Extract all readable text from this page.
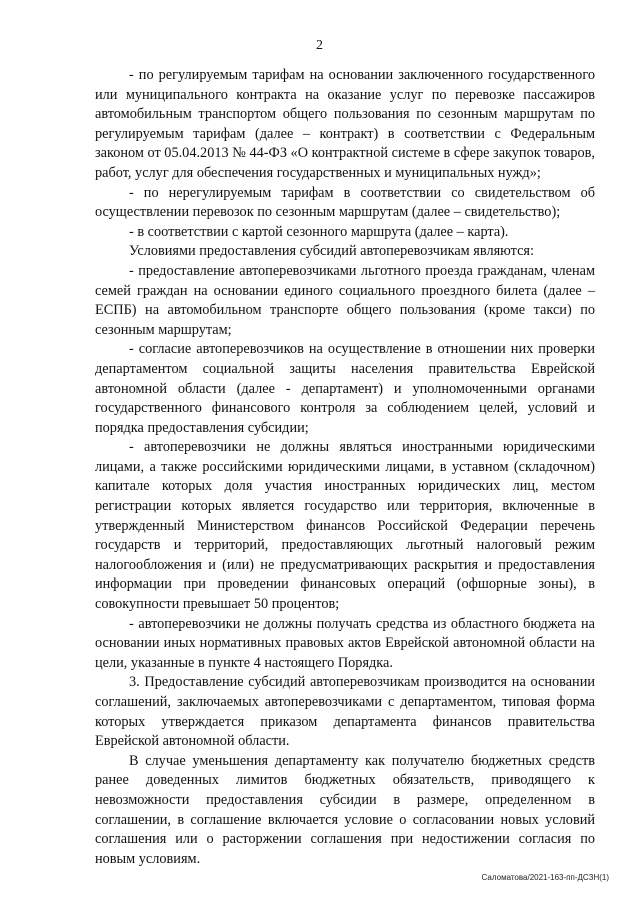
2

- по регулируемым тарифам на основании заключенного государственного или муниципального контракта на оказание услуг по перевозке пассажиров автомобильным транспортом общего пользования по сезонным маршрутам по регулируемым тарифам (далее – контракт) в соответствии с Федеральным законом от 05.04.2013 № 44-ФЗ «О контрактной системе в сфере закупок товаров, работ, услуг для обеспечения государственных и муниципальных нужд»;

- по нерегулируемым тарифам в соответствии со свидетельством об осуществлении перевозок по сезонным маршрутам (далее – свидетельство);

- в соответствии с картой сезонного маршрута (далее – карта).

Условиями предоставления субсидий автоперевозчикам являются:

- предоставление автоперевозчиками льготного проезда гражданам, членам семей граждан на основании единого социального проездного билета (далее – ЕСПБ) на автомобильном транспорте общего пользования (кроме такси) по сезонным маршрутам;

- согласие автоперевозчиков на осуществление в отношении них проверки департаментом социальной защиты населения правительства Еврейской автономной области (далее - департамент) и уполномоченными органами государственного финансового контроля за соблюдением целей, условий и порядка предоставления субсидии;

- автоперевозчики не должны являться иностранными юридическими лицами, а также российскими юридическими лицами, в уставном (складочном) капитале которых доля участия иностранных юридических лиц, местом регистрации которых является государство или территория, включенные в утвержденный Министерством финансов Российской Федерации перечень государств и территорий, предоставляющих льготный налоговый режим налогообложения и (или) не предусматривающих раскрытия и предоставления информации при проведении финансовых операций (офшорные зоны), в совокупности превышает 50 процентов;

- автоперевозчики не должны получать средства из областного бюджета на основании иных нормативных правовых актов Еврейской автономной области на цели, указанные в пункте 4 настоящего Порядка.

3. Предоставление субсидий автоперевозчикам производится на основании соглашений, заключаемых автоперевозчиками с департаментом, типовая форма которых утверждается приказом департамента финансов правительства Еврейской автономной области.

В случае уменьшения департаменту как получателю бюджетных средств ранее доведенных лимитов бюджетных обязательств, приводящего к невозможности предоставления субсидии в размере, определенном в соглашении, в соглашение включается условие о согласовании новых условий соглашения или о расторжении соглашения при недостижении согласия по новым условиям.

Саломатова/2021-163-пп-ДСЗН(1)
